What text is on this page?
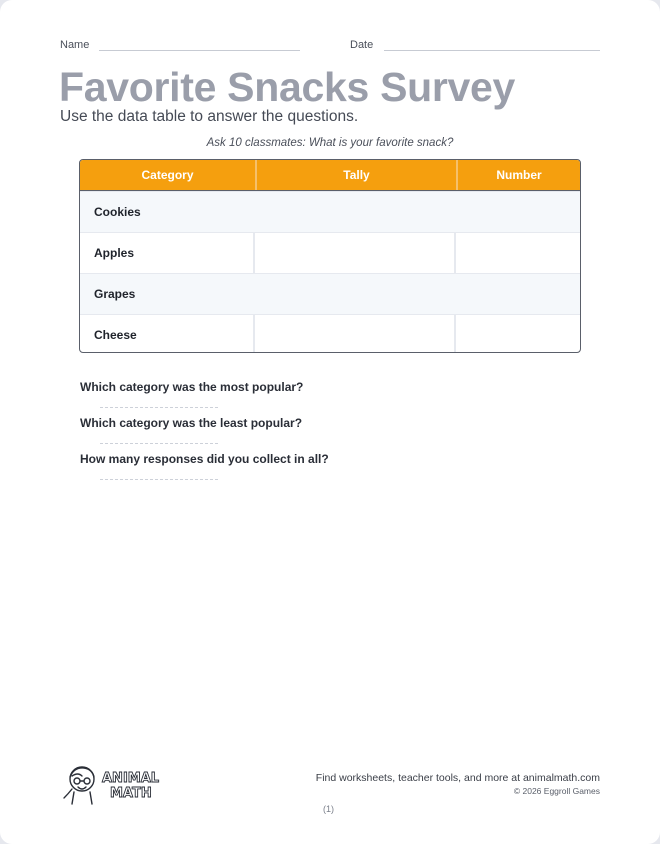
Name	Date
Favorite Snacks Survey
Use the data table to answer the questions.
Ask 10 classmates: What is your favorite snack?
Category	Tally	Number
Cookies
Apples
Grapes
Cheese
Which category was the most popular?
Which category was the least popular?
How many responses did you collect in all?
ANIMAL
MATH
Find worksheets, teacher tools, and more at animalmath.com
© 2026 Eggroll Games
(1)
